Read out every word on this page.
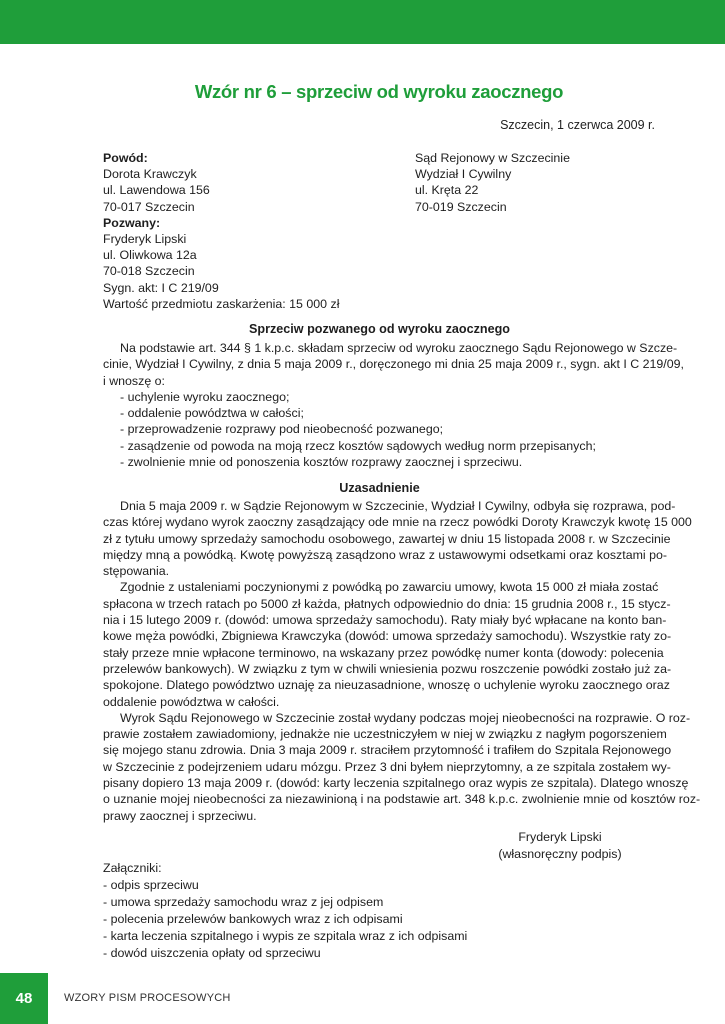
Wzór nr 6 – sprzeciw od wyroku zaocznego
Szczecin, 1 czerwca 2009 r.
Powód:
Dorota Krawczyk
ul. Lawendowa 156
70-017 Szczecin
Pozwany:
Fryderyk Lipski
ul. Oliwkowa 12a
70-018 Szczecin
Sygn. akt: I C 219/09
Wartość przedmiotu zaskarżenia: 15 000 zł
Sąd Rejonowy w Szczecinie
Wydział I Cywilny
ul. Kręta 22
70-019 Szczecin
Sprzeciw pozwanego od wyroku zaocznego
Na podstawie art. 344 § 1 k.p.c. składam sprzeciw od wyroku zaocznego Sądu Rejonowego w Szcze-
cinie, Wydział I Cywilny, z dnia 5 maja 2009 r., doręczonego mi dnia 25 maja 2009 r., sygn. akt I C 219/09,
i wnoszę o:
- uchylenie wyroku zaocznego;
- oddalenie powództwa w całości;
- przeprowadzenie rozprawy pod nieobecność pozwanego;
- zasądzenie od powoda na moją rzecz kosztów sądowych według norm przepisanych;
- zwolnienie mnie od ponoszenia kosztów rozprawy zaocznej i sprzeciwu.
Uzasadnienie
Dnia 5 maja 2009 r. w Sądzie Rejonowym w Szczecinie, Wydział I Cywilny, odbyła się rozprawa, pod-
czas której wydano wyrok zaoczny zasądzający ode mnie na rzecz powódki Doroty Krawczyk kwotę 15 000
zł z tytułu umowy sprzedaży samochodu osobowego, zawartej w dniu 15 listopada 2008 r. w Szczecinie
między mną a powódką. Kwotę powyższą zasądzono wraz z ustawowymi odsetkami oraz kosztami po-
stępowania.
Zgodnie z ustaleniami poczynionymi z powódką po zawarciu umowy, kwota 15 000 zł miała zostać
spłacona w trzech ratach po 5000 zł każda, płatnych odpowiednio do dnia: 15 grudnia 2008 r., 15 stycz-
nia i 15 lutego 2009 r. (dowód: umowa sprzedaży samochodu). Raty miały być wpłacane na konto ban-
kowe męża powódki, Zbigniewa Krawczyka (dowód: umowa sprzedaży samochodu). Wszystkie raty zo-
stały przeze mnie wpłacone terminowo, na wskazany przez powódkę numer konta (dowody: polecenia
przelewów bankowych). W związku z tym w chwili wniesienia pozwu roszczenie powódki zostało już za-
spokojone. Dlatego powództwo uznaję za nieuzasadnione, wnoszę o uchylenie wyroku zaocznego oraz
oddalenie powództwa w całości.
Wyrok Sądu Rejonowego w Szczecinie został wydany podczas mojej nieobecności na rozprawie. O roz-
prawie zostałem zawiadomiony, jednakże nie uczestniczyłem w niej w związku z nagłym pogorszeniem
się mojego stanu zdrowia. Dnia 3 maja 2009 r. straciłem przytomność i trafiłem do Szpitala Rejonowego
w Szczecinie z podejrzeniem udaru mózgu. Przez 3 dni byłem nieprzytomny, a ze szpitala zostałem wy-
pisany dopiero 13 maja 2009 r. (dowód: karty leczenia szpitalnego oraz wypis ze szpitala). Dlatego wnoszę
o uznanie mojej nieobecności za niezawinioną i na podstawie art. 348 k.p.c. zwolnienie mnie od kosztów roz-
prawy zaocznej i sprzeciwu.
Fryderyk Lipski
(własnoręczny podpis)
Załączniki:
- odpis sprzeciwu
- umowa sprzedaży samochodu wraz z jej odpisem
- polecenia przelewów bankowych wraz z ich odpisami
- karta leczenia szpitalnego i wypis ze szpitala wraz z ich odpisami
- dowód uiszczenia opłaty od sprzeciwu
48	WZORY PISM PROCESOWYCH
